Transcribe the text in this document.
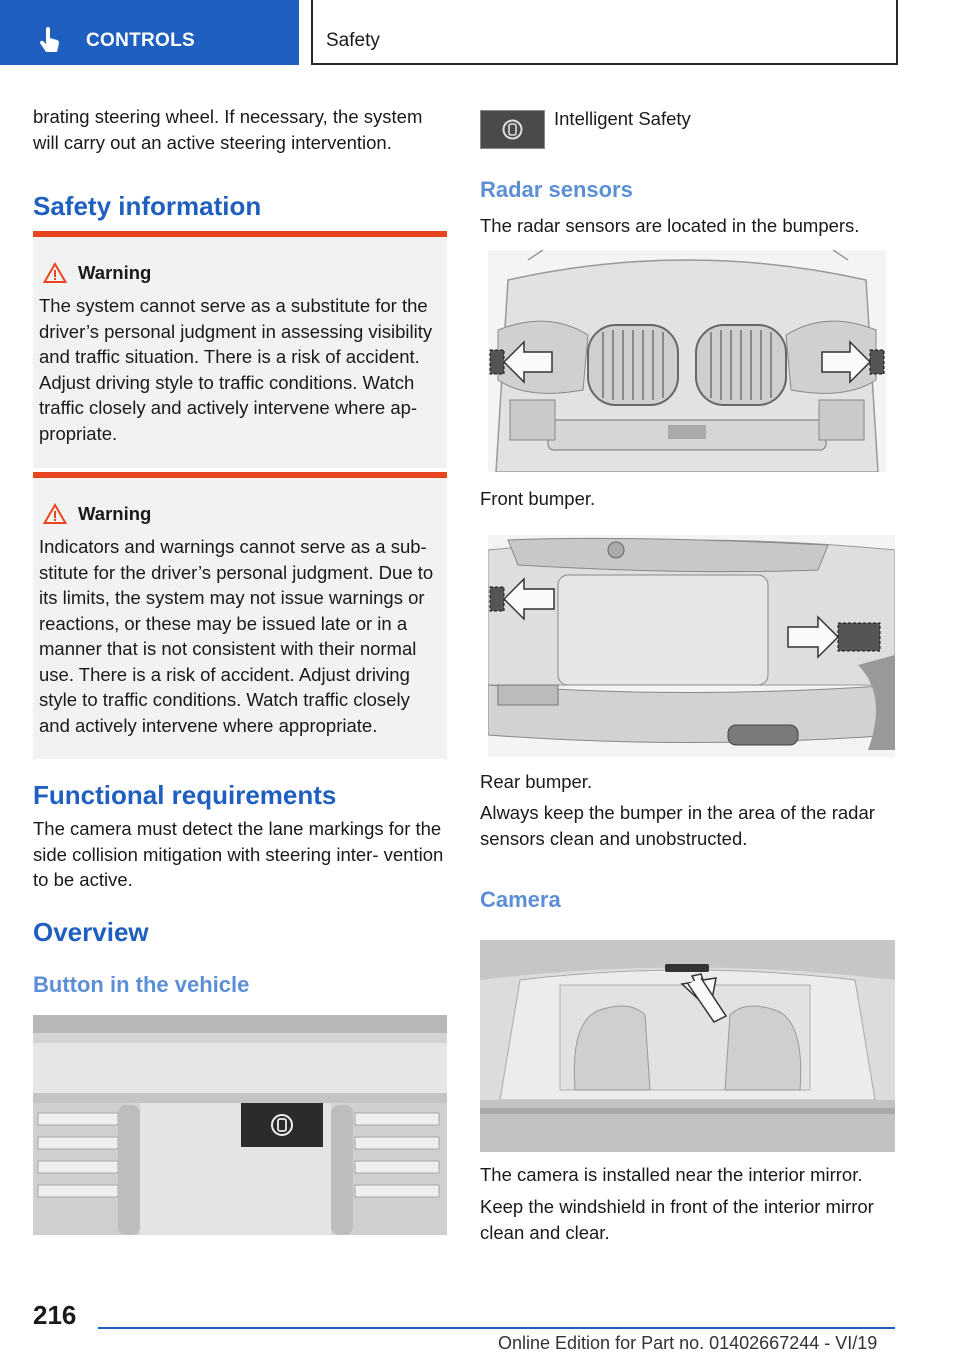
CONTROLS	Safety

brating steering wheel. If necessary, the system will carry out an active steering intervention.

Safety information
Warning

The system cannot serve as a substitute for the driver’s personal judgment in assessing visibility and traffic situation. There is a risk of accident. Adjust driving style to traffic conditions. Watch traffic closely and actively intervene where ap‐ propriate.

Warning

Indicators and warnings cannot serve as a sub‐ stitute for the driver’s personal judgment. Due to its limits, the system may not issue warnings or reactions, or these may be issued late or in a manner that is not consistent with their normal use. There is a risk of accident. Adjust driving style to traffic conditions. Watch traffic closely and actively intervene where appropriate.

Functional requirements

The camera must detect the lane markings for the side collision mitigation with steering inter‐ vention to be active.

Overview
Button in the vehicle

Intelligent Safety

Radar sensors

The radar sensors are located in the bumpers.

Front bumper.

Rear bumper.

Always keep the bumper in the area of the radar sensors clean and unobstructed.

Camera

The camera is installed near the interior mirror.

Keep the windshield in front of the interior mirror clean and clear.

216
Online Edition for Part no. 01402667244 - VI/19
